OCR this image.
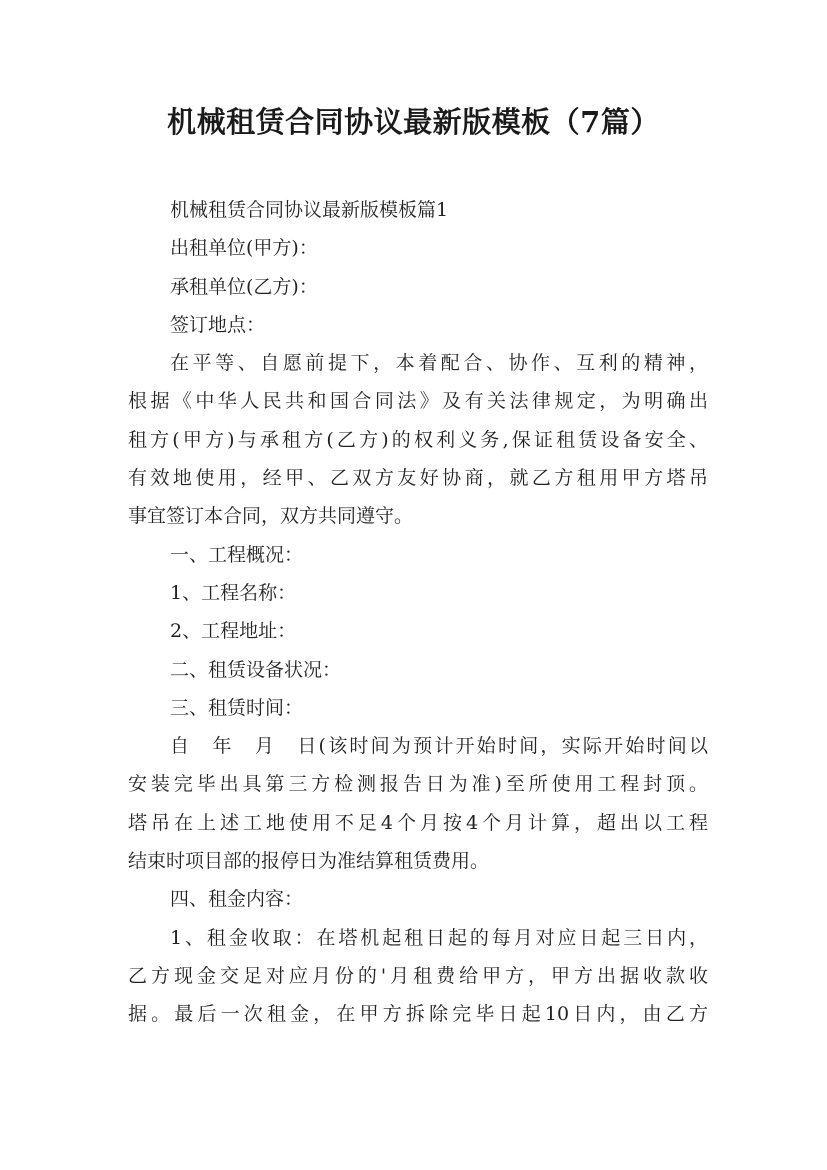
机械租赁合同协议最新版模板（7篇）
机械租赁合同协议最新版模板篇1
出租单位(甲方)：
承租单位(乙方)：
签订地点：
在平等、自愿前提下，本着配合、协作、互利的精神，
根据《中华人民共和国合同法》及有关法律规定，为明确出
租方(甲方)与承租方(乙方)的权利义务,保证租赁设备安全、
有效地使用，经甲、乙双方友好协商，就乙方租用甲方塔吊
事宜签订本合同，双方共同遵守。
一、工程概况：
1、工程名称：
2、工程地址：
二、租赁设备状况：
三、租赁时间：
自　年　月　日(该时间为预计开始时间，实际开始时间以
安装完毕出具第三方检测报告日为准)至所使用工程封顶。
塔吊在上述工地使用不足4个月按4个月计算，超出以工程
结束时项目部的报停日为准结算租赁费用。
四、租金内容：
1、租金收取：在塔机起租日起的每月对应日起三日内，
乙方现金交足对应月份的'月租费给甲方，甲方出据收款收
据。最后一次租金，在甲方拆除完毕日起10日内，由乙方
